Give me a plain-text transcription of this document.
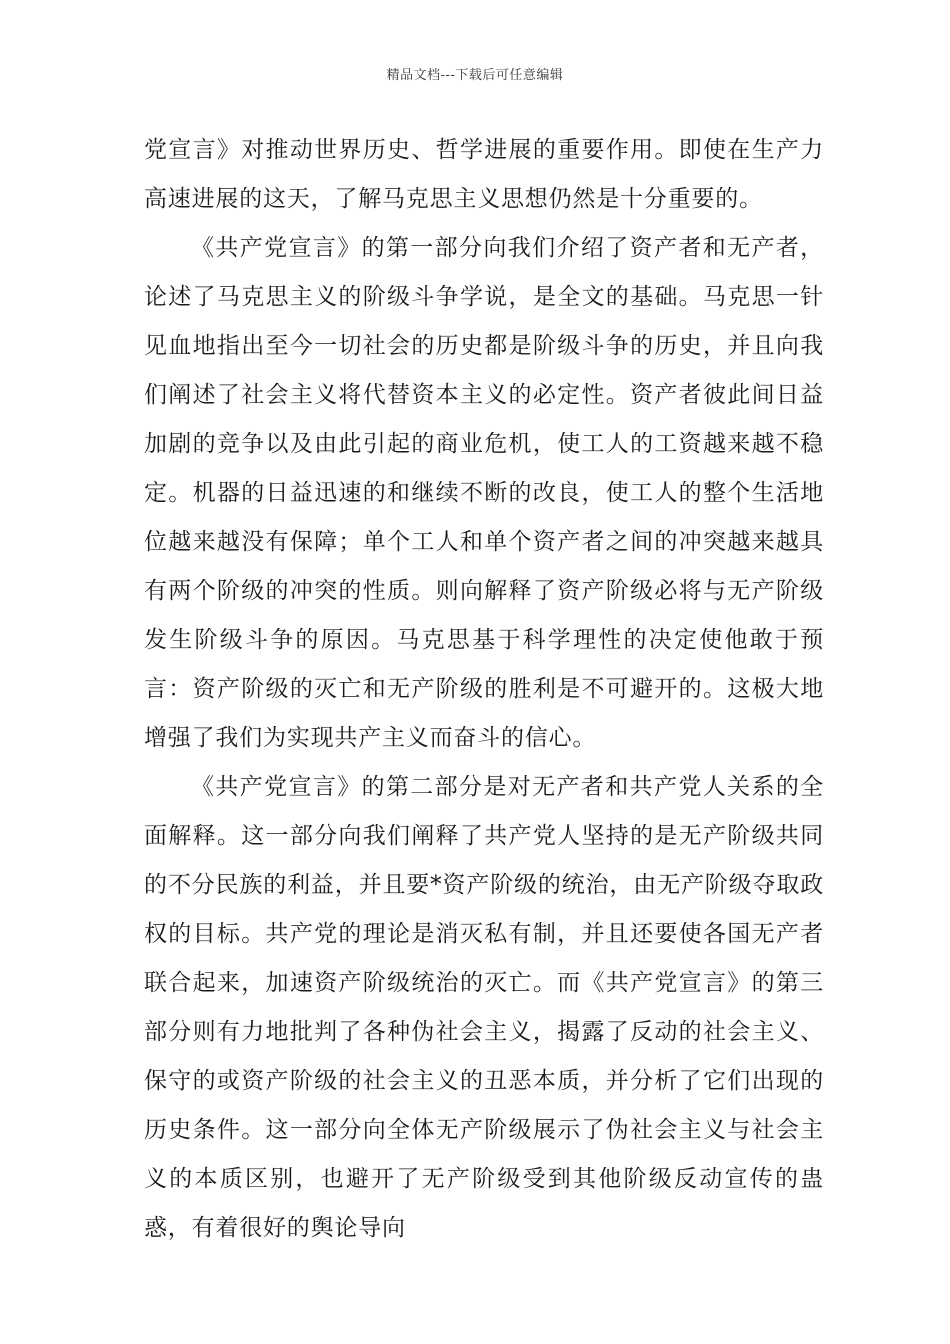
精品文档---下载后可任意编辑

党宣言》对推动世界历史、哲学进展的重要作用。即使在生产力高速进展的这天，了解马克思主义思想仍然是十分重要的。

《共产党宣言》的第一部分向我们介绍了资产者和无产者，论述了马克思主义的阶级斗争学说，是全文的基础。马克思一针见血地指出至今一切社会的历史都是阶级斗争的历史，并且向我们阐述了社会主义将代替资本主义的必定性。资产者彼此间日益加剧的竞争以及由此引起的商业危机，使工人的工资越来越不稳定。机器的日益迅速的和继续不断的改良，使工人的整个生活地位越来越没有保障；单个工人和单个资产者之间的冲突越来越具有两个阶级的冲突的性质。则向解释了资产阶级必将与无产阶级发生阶级斗争的原因。马克思基于科学理性的决定使他敢于预言：资产阶级的灭亡和无产阶级的胜利是不可避开的。这极大地增强了我们为实现共产主义而奋斗的信心。

《共产党宣言》的第二部分是对无产者和共产党人关系的全面解释。这一部分向我们阐释了共产党人坚持的是无产阶级共同的不分民族的利益，并且要*资产阶级的统治，由无产阶级夺取政权的目标。共产党的理论是消灭私有制，并且还要使各国无产者联合起来，加速资产阶级统治的灭亡。而《共产党宣言》的第三部分则有力地批判了各种伪社会主义，揭露了反动的社会主义、保守的或资产阶级的社会主义的丑恶本质，并分析了它们出现的历史条件。这一部分向全体无产阶级展示了伪社会主义与社会主义的本质区别，也避开了无产阶级受到其他阶级反动宣传的蛊惑，有着很好的舆论导向
